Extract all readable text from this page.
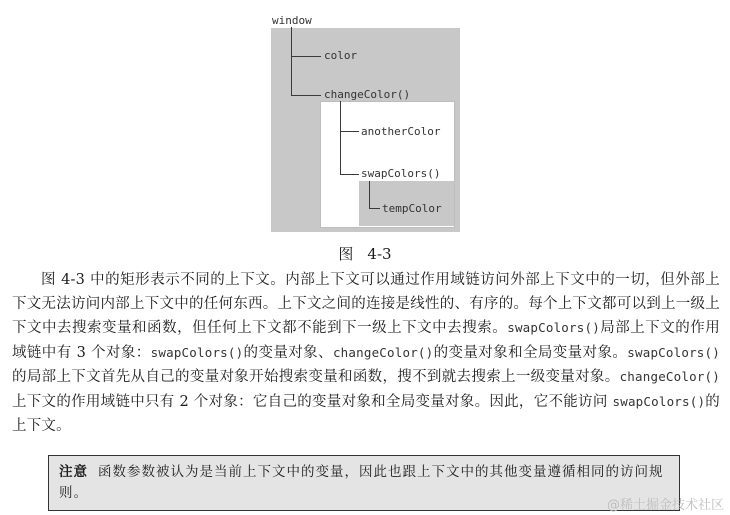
window
color
changeColor()
anotherColor
swapColors()
tempColor
图 4-3
图 4-3 中的矩形表示不同的上下文。内部上下文可以通过作用域链访问外部上下文中的一切，但外部上下文无法访问内部上下文中的任何东西。上下文之间的连接是线性的、有序的。每个上下文都可以到上一级上下文中去搜索变量和函数，但任何上下文都不能到下一级上下文中去搜索。swapColors()局部上下文的作用域链中有 3 个对象：swapColors()的变量对象、changeColor()的变量对象和全局变量对象。swapColors()的局部上下文首先从自己的变量对象开始搜索变量和函数，搜不到就去搜索上一级变量对象。changeColor()上下文的作用域链中只有 2 个对象：它自己的变量对象和全局变量对象。因此，它不能访问 swapColors()的上下文。
注意 函数参数被认为是当前上下文中的变量，因此也跟上下文中的其他变量遵循相同的访问规则。
@稀土掘金技术社区
